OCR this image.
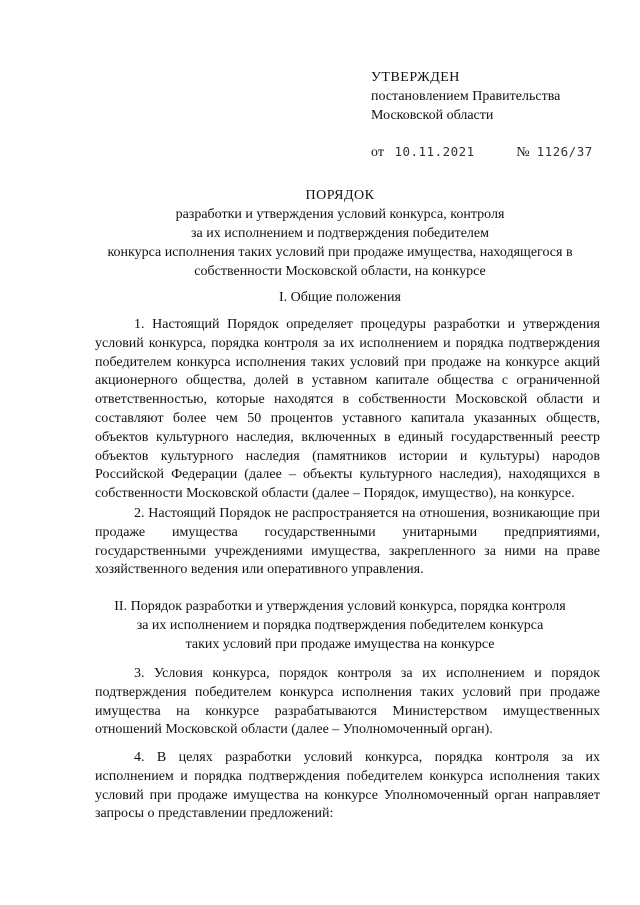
УТВЕРЖДЕН
постановлением Правительства
Московской области
от 10.11.2021	№ 1126/37
ПОРЯДОК
разработки и утверждения условий конкурса, контроля
за их исполнением и подтверждения победителем
конкурса исполнения таких условий при продаже имущества, находящегося в
собственности Московской области, на конкурсе
I. Общие положения

1. Настоящий Порядок определяет процедуры разработки и утверждения условий конкурса, порядка контроля за их исполнением и порядка подтверждения победителем конкурса исполнения таких условий при продаже на конкурсе акций акционерного общества, долей в уставном капитале общества с ограниченной ответственностью, которые находятся в собственности Московской области и составляют более чем 50 процентов уставного капитала указанных обществ, объектов культурного наследия, включенных в единый государственный реестр объектов культурного наследия (памятников истории и культуры) народов Российской Федерации (далее – объекты культурного наследия), находящихся в собственности Московской области (далее – Порядок, имущество), на конкурсе.

2. Настоящий Порядок не распространяется на отношения, возникающие при продаже имущества государственными унитарными предприятиями, государственными учреждениями имущества, закрепленного за ними на праве хозяйственного ведения или оперативного управления.

II. Порядок разработки и утверждения условий конкурса, порядка контроля
за их исполнением и порядка подтверждения победителем конкурса
таких условий при продаже имущества на конкурсе

3. Условия конкурса, порядок контроля за их исполнением и порядок подтверждения победителем конкурса исполнения таких условий при продаже имущества на конкурсе разрабатываются Министерством имущественных отношений Московской области (далее – Уполномоченный орган).

4. В целях разработки условий конкурса, порядка контроля за их исполнением и порядка подтверждения победителем конкурса исполнения таких условий при продаже имущества на конкурсе Уполномоченный орган направляет запросы о представлении предложений:
